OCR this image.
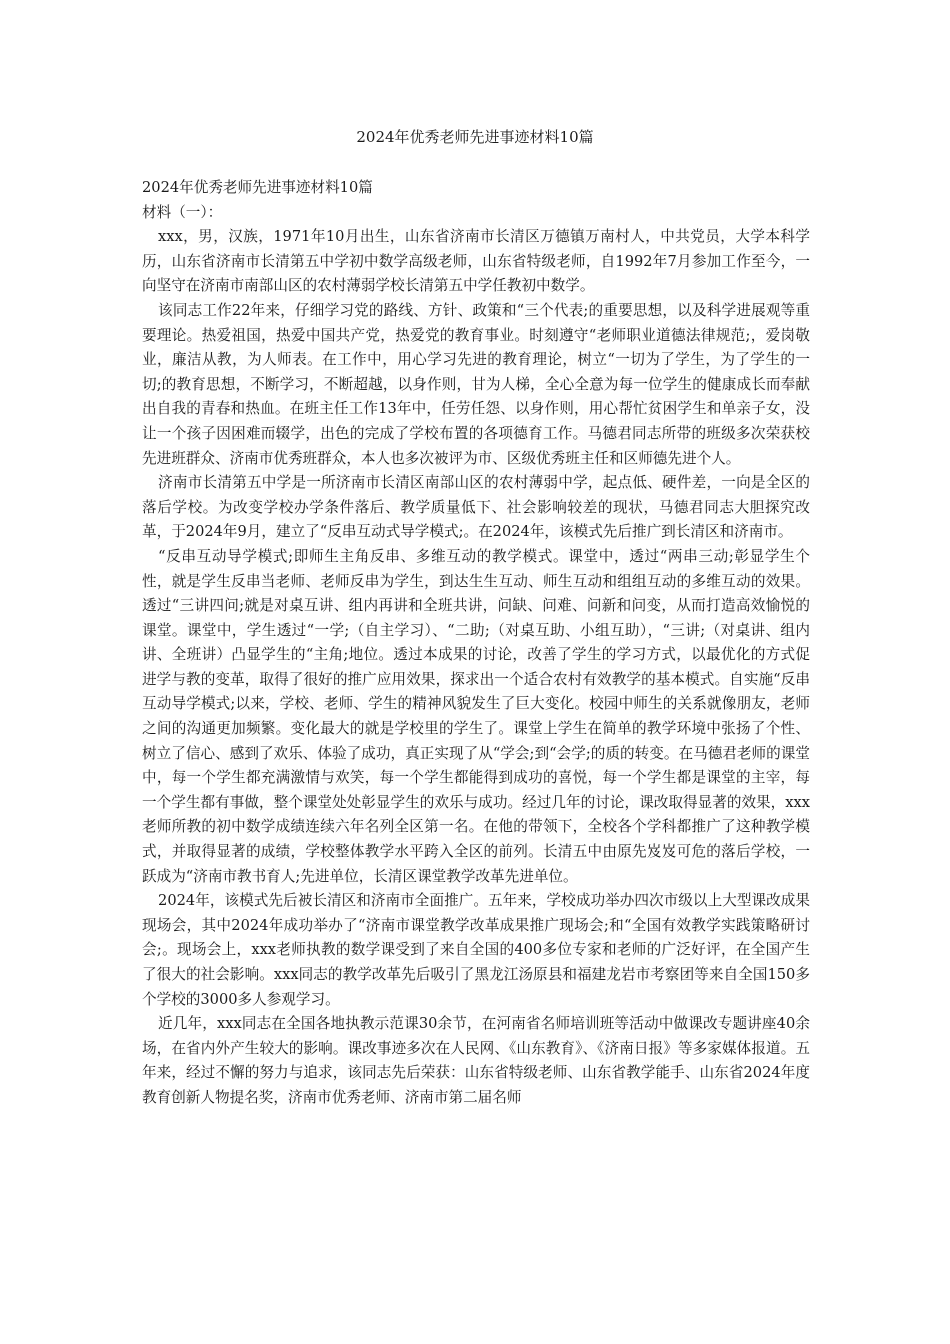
2024年优秀老师先进事迹材料10篇

2024年优秀老师先进事迹材料10篇

材料（一）：

xxx，男，汉族，1971年10月出生，山东省济南市长清区万德镇万南村人，中共党员，大学本科学历，山东省济南市长清第五中学初中数学高级老师，山东省特级老师，自1992年7月参加工作至今，一向坚守在济南市南部山区的农村薄弱学校长清第五中学任教初中数学。

该同志工作22年来，仔细学习党的路线、方针、政策和“三个代表;的重要思想，以及科学进展观等重要理论。热爱祖国，热爱中国共产党，热爱党的教育事业。时刻遵守“老师职业道德法律规范;，爱岗敬业，廉洁从教，为人师表。在工作中，用心学习先进的教育理论，树立“一切为了学生，为了学生的一切;的教育思想，不断学习，不断超越，以身作则，甘为人梯，全心全意为每一位学生的健康成长而奉献出自我的青春和热血。在班主任工作13年中，任劳任怨、以身作则，用心帮忙贫困学生和单亲子女，没让一个孩子因困难而辍学，出色的完成了学校布置的各项德育工作。马德君同志所带的班级多次荣获校先进班群众、济南市优秀班群众，本人也多次被评为市、区级优秀班主任和区师德先进个人。

济南市长清第五中学是一所济南市长清区南部山区的农村薄弱中学，起点低、硬件差，一向是全区的落后学校。为改变学校办学条件落后、教学质量低下、社会影响较差的现状，马德君同志大胆探究改革，于2024年9月，建立了“反串互动式导学模式;。在2024年，该模式先后推广到长清区和济南市。

“反串互动导学模式;即师生主角反串、多维互动的教学模式。课堂中，透过“两串三动;彰显学生个性，就是学生反串当老师、老师反串为学生，到达生生互动、师生互动和组组互动的多维互动的效果。透过“三讲四问;就是对桌互讲、组内再讲和全班共讲，问缺、问难、问新和问变，从而打造高效愉悦的课堂。课堂中，学生透过“一学;（自主学习）、“二助;（对桌互助、小组互助），“三讲;（对桌讲、组内讲、全班讲）凸显学生的“主角;地位。透过本成果的讨论，改善了学生的学习方式，以最优化的方式促进学与教的变革，取得了很好的推广应用效果，探求出一个适合农村有效教学的基本模式。自实施“反串互动导学模式;以来，学校、老师、学生的精神风貌发生了巨大变化。校园中师生的关系就像朋友，老师之间的沟通更加频繁。变化最大的就是学校里的学生了。课堂上学生在简单的教学环境中张扬了个性、树立了信心、感到了欢乐、体验了成功，真正实现了从“学会;到“会学;的质的转变。在马德君老师的课堂中，每一个学生都充满激情与欢笑，每一个学生都能得到成功的喜悦，每一个学生都是课堂的主宰，每一个学生都有事做，整个课堂处处彰显学生的欢乐与成功。经过几年的讨论，课改取得显著的效果，xxx老师所教的初中数学成绩连续六年名列全区第一名。在他的带领下，全校各个学科都推广了这种教学模式，并取得显著的成绩，学校整体教学水平跨入全区的前列。长清五中由原先岌岌可危的落后学校，一跃成为“济南市教书育人;先进单位，长清区课堂教学改革先进单位。

2024年，该模式先后被长清区和济南市全面推广。五年来，学校成功举办四次市级以上大型课改成果现场会，其中2024年成功举办了“济南市课堂教学改革成果推广现场会;和“全国有效教学实践策略研讨会;。现场会上，xxx老师执教的数学课受到了来自全国的400多位专家和老师的广泛好评，在全国产生了很大的社会影响。xxx同志的教学改革先后吸引了黑龙江汤原县和福建龙岩市考察团等来自全国150多个学校的3000多人参观学习。

近几年，xxx同志在全国各地执教示范课30余节，在河南省名师培训班等活动中做课改专题讲座40余场，在省内外产生较大的影响。课改事迹多次在人民网、《山东教育》、《济南日报》等多家媒体报道。五年来，经过不懈的努力与追求，该同志先后荣获：山东省特级老师、山东省教学能手、山东省2024年度教育创新人物提名奖，济南市优秀老师、济南市第二届名师
